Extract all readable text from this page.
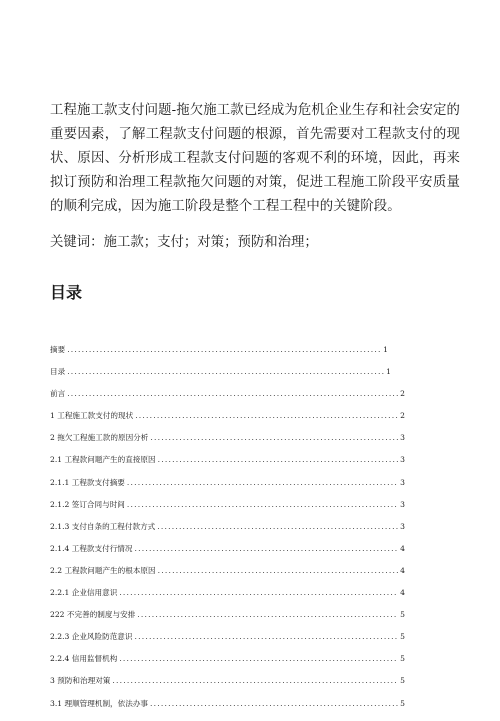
工程施工款支付问题-拖欠施工款已经成为危机企业生存和社会安定的重要因素，了解工程款支付问题的根源，首先需要对工程款支付的现状、原因、分析形成工程款支付问题的客观不利的环境，因此，再来拟订预防和治理工程款拖欠问题的对策，促进工程施工阶段平安质量的顺利完成，因为施工阶段是整个工程工程中的关键阶段。

关键词：施工款；支付；对策；预防和治理；

目录
摘要 .....	1
目录 .....	1
前言 .....	2
1 工程施工款支付的现状 .....	2
2 拖欠工程施工款的原因分析 .....	3
2.1 工程款问题产生的直接原因 .....	3
2.1.1 工程款支付摘要 .....	3
2.1.2 签订合同与时间 .....	3
2.1.3 支付自条的工程付款方式 .....	3
2.1.4 工程款支付行情况 .....	4
2.2 工程款问题产生的根本原因 .....	4
2.2.1 企业信用意识 .....	4
222 不完善的制度与安排 .....	5
2.2.3 企业风险防范意识 .....	5
2.2.4 信用监督机构 .....	5
3 预防和治理对策 .....	5
3.1 理顺管理机制，依法办事 .....	5
